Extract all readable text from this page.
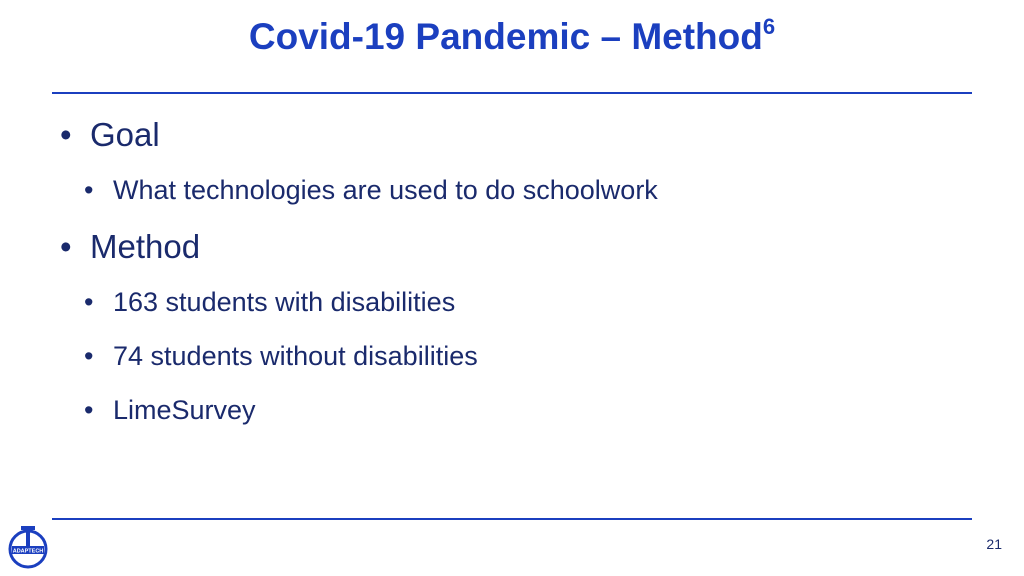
Covid-19 Pandemic – Method$^6$
• Goal
• What technologies are used to do schoolwork
• Method
• 163 students with disabilities
• 74 students without disabilities
• LimeSurvey
ADAPTECH	21
